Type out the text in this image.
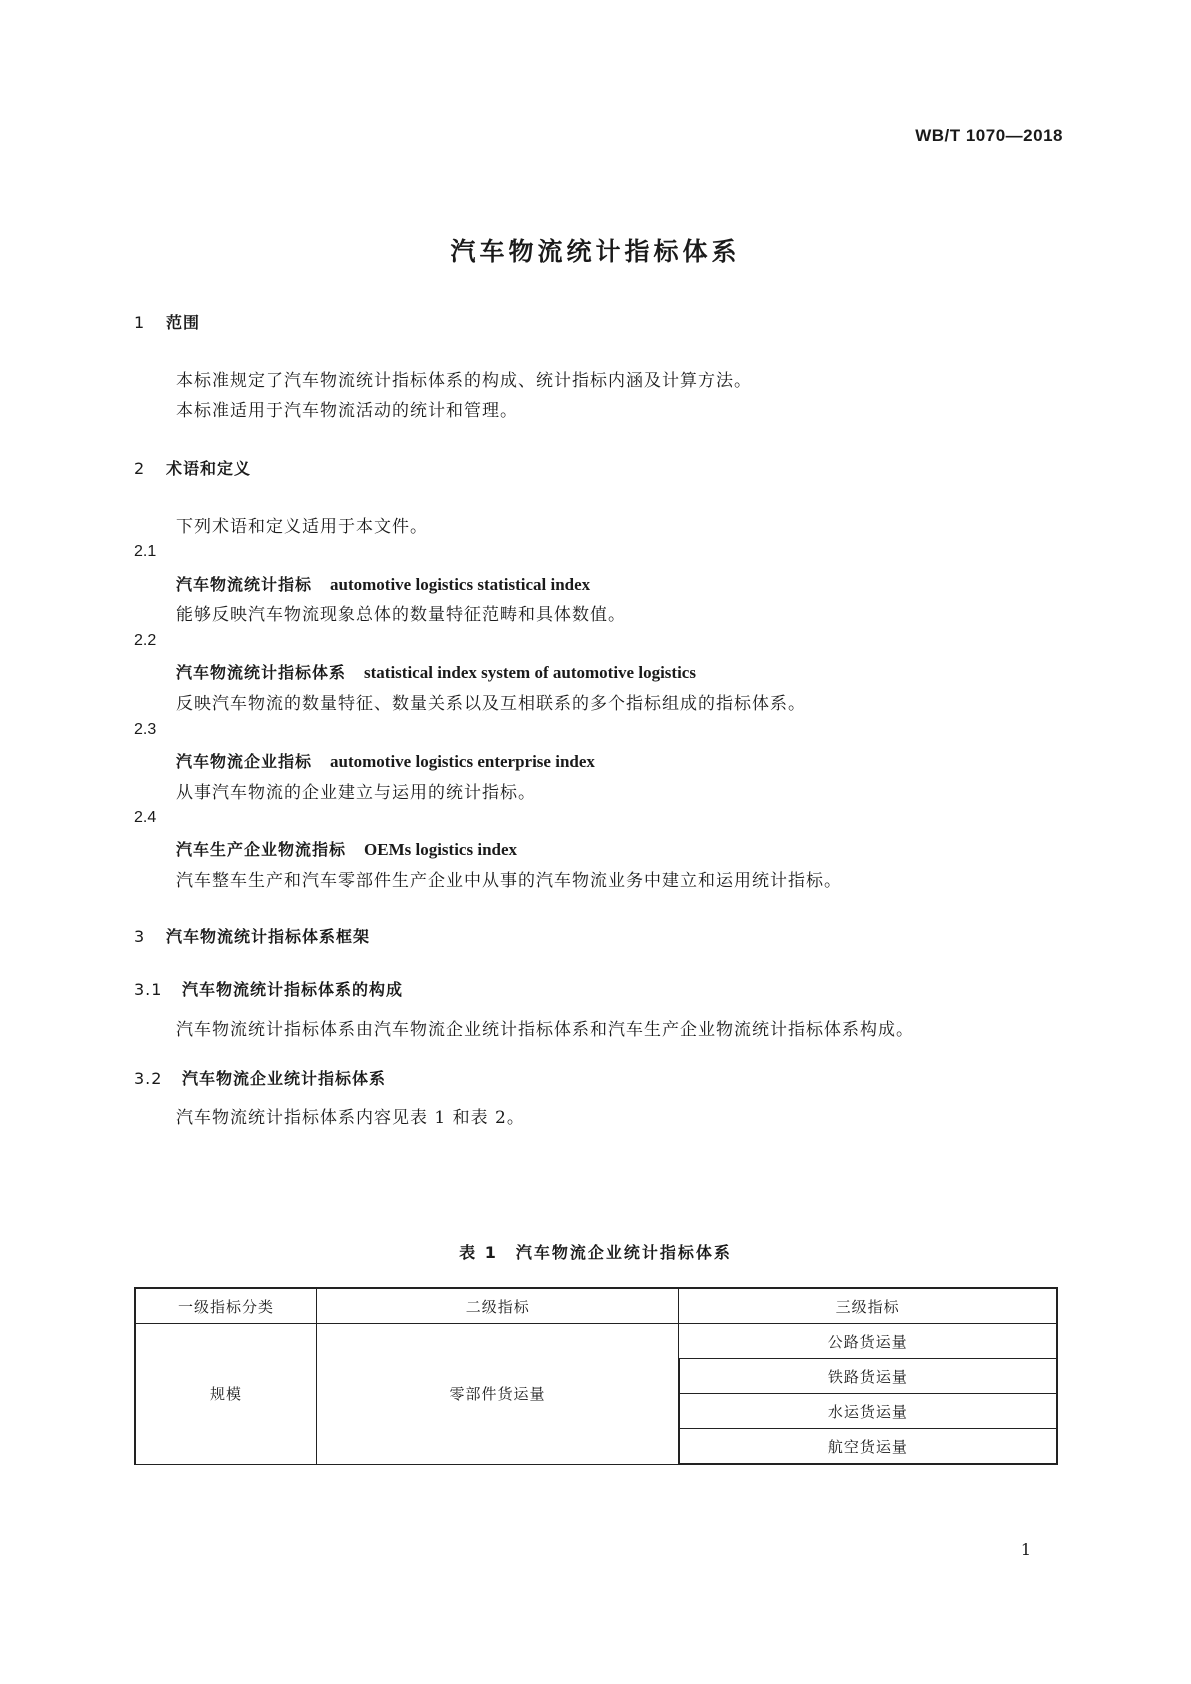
WB/T 1070—2018
汽车物流统计指标体系
1 范围
本标准规定了汽车物流统计指标体系的构成、统计指标内涵及计算方法。
本标准适用于汽车物流活动的统计和管理。
2 术语和定义
下列术语和定义适用于本文件。
2.1
汽车物流统计指标 automotive logistics statistical index
能够反映汽车物流现象总体的数量特征范畴和具体数值。
2.2
汽车物流统计指标体系 statistical index system of automotive logistics
反映汽车物流的数量特征、数量关系以及互相联系的多个指标组成的指标体系。
2.3
汽车物流企业指标 automotive logistics enterprise index
从事汽车物流的企业建立与运用的统计指标。
2.4
汽车生产企业物流指标 OEMs logistics index
汽车整车生产和汽车零部件生产企业中从事的汽车物流业务中建立和运用统计指标。
3 汽车物流统计指标体系框架
3.1 汽车物流统计指标体系的构成
汽车物流统计指标体系由汽车物流企业统计指标体系和汽车生产企业物流统计指标体系构成。
3.2 汽车物流企业统计指标体系
汽车物流统计指标体系内容见表 1 和表 2。
表 1　汽车物流企业统计指标体系
一级指标分类	二级指标	三级指标
规模	零部件货运量	公路货运量
		铁路货运量
		水运货运量
		航空货运量
1
